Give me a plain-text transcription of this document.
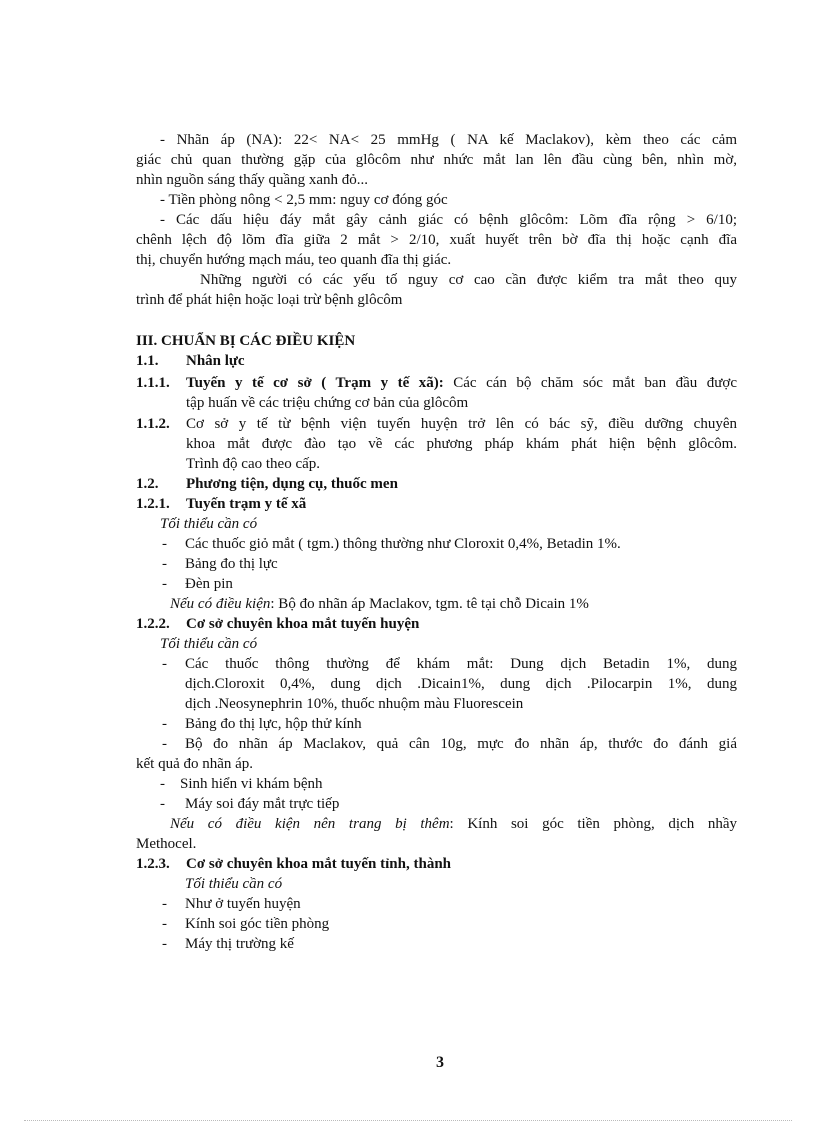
- Nhãn áp (NA): 22< NA< 25 mmHg ( NA kế Maclakov), kèm theo các cảm
giác chủ quan thường gặp của glôcôm như nhức mắt lan lên đầu cùng bên, nhìn mờ,
nhìn nguồn sáng thấy quầng xanh đỏ...
- Tiền phòng nông < 2,5 mm: nguy cơ đóng góc
- Các dấu hiệu đáy mắt gây cảnh giác có bệnh glôcôm: Lõm đĩa rộng > 6/10;
chênh lệch độ lõm đĩa giữa 2 mắt > 2/10, xuất huyết trên bờ đĩa thị hoặc cạnh đĩa
thị, chuyển hướng mạch máu, teo quanh đĩa thị giác.
Những người có các yếu tố nguy cơ cao cần được kiểm tra mắt theo quy
trình để phát hiện hoặc loại trừ bệnh glôcôm
III. CHUẨN BỊ CÁC ĐIỀU KIỆN
1.1. Nhân lực
1.1.1. Tuyến y tế cơ sở ( Trạm y tế xã): Các cán bộ chăm sóc mắt ban đầu được
tập huấn về các triệu chứng cơ bản của glôcôm
1.1.2. Cơ sở y tế từ bệnh viện tuyến huyện trở lên có bác sỹ, điều dưỡng chuyên
khoa mắt được đào tạo về các phương pháp khám phát hiện bệnh glôcôm.
Trình độ cao theo cấp.
1.2. Phương tiện, dụng cụ, thuốc men
1.2.1. Tuyến trạm y tế xã
Tối thiểu cần có
- Các thuốc giỏ mắt ( tgm.) thông thường như Cloroxit 0,4%, Betadin 1%.
- Bảng đo thị lực
- Đèn pin
Nếu có điều kiện: Bộ đo nhãn áp Maclakov, tgm. tê tại chỗ Dicain 1%
1.2.2. Cơ sở chuyên khoa mắt tuyến huyện
Tối thiểu cần có
- Các thuốc thông thường để khám mắt: Dung dịch Betadin 1%, dung
dịch.Cloroxit 0,4%, dung dịch .Dicain1%, dung dịch .Pilocarpin 1%, dung
dịch .Neosynephrin 10%, thuốc nhuộm màu Fluorescein
- Bảng đo thị lực, hộp thử kính
- Bộ đo nhãn áp Maclakov, quả cân 10g, mực đo nhãn áp, thước đo đánh giá
kết quả đo nhãn áp.
- Sinh hiển vi khám bệnh
- Máy soi đáy mắt trực tiếp
Nếu có điều kiện nên trang bị thêm: Kính soi góc tiền phòng, dịch nhầy
Methocel.
1.2.3. Cơ sở chuyên khoa mắt tuyến tỉnh, thành
Tối thiểu cần có
- Như ở tuyến huyện
- Kính soi góc tiền phòng
- Máy thị trường kế
3
